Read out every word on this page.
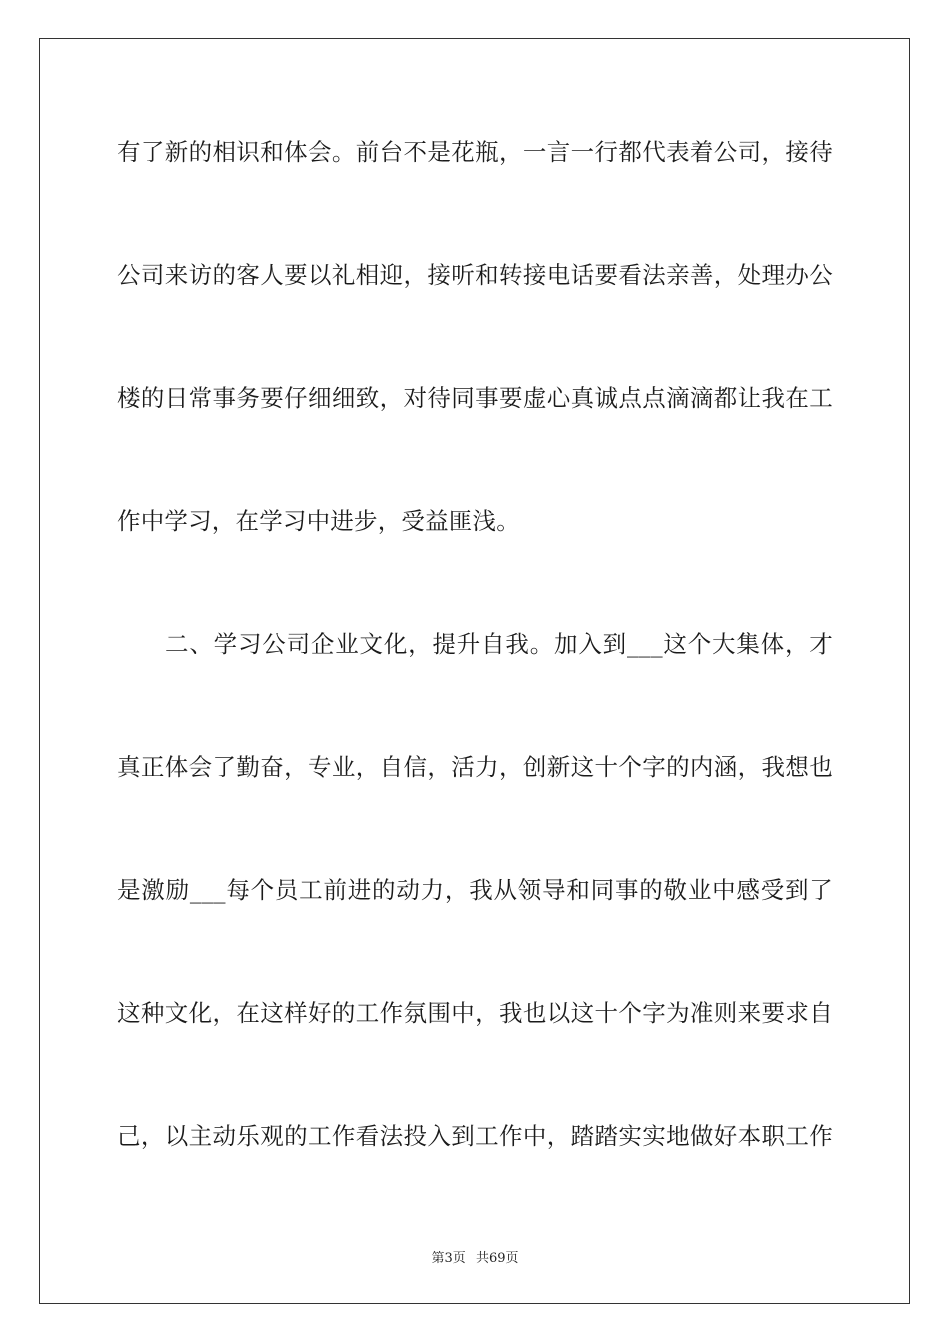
有了新的相识和体会。前台不是花瓶，一言一行都代表着公司，接待
公司来访的客人要以礼相迎，接听和转接电话要看法亲善，处理办公
楼的日常事务要仔细细致，对待同事要虚心真诚点点滴滴都让我在工
作中学习，在学习中进步，受益匪浅。
二、学习公司企业文化，提升自我。加入到___这个大集体，才
真正体会了勤奋，专业，自信，活力，创新这十个字的内涵，我想也
是激励___每个员工前进的动力，我从领导和同事的敬业中感受到了
这种文化，在这样好的工作氛围中，我也以这十个字为准则来要求自
己，以主动乐观的工作看法投入到工作中，踏踏实实地做好本职工作
第3页 共69页
